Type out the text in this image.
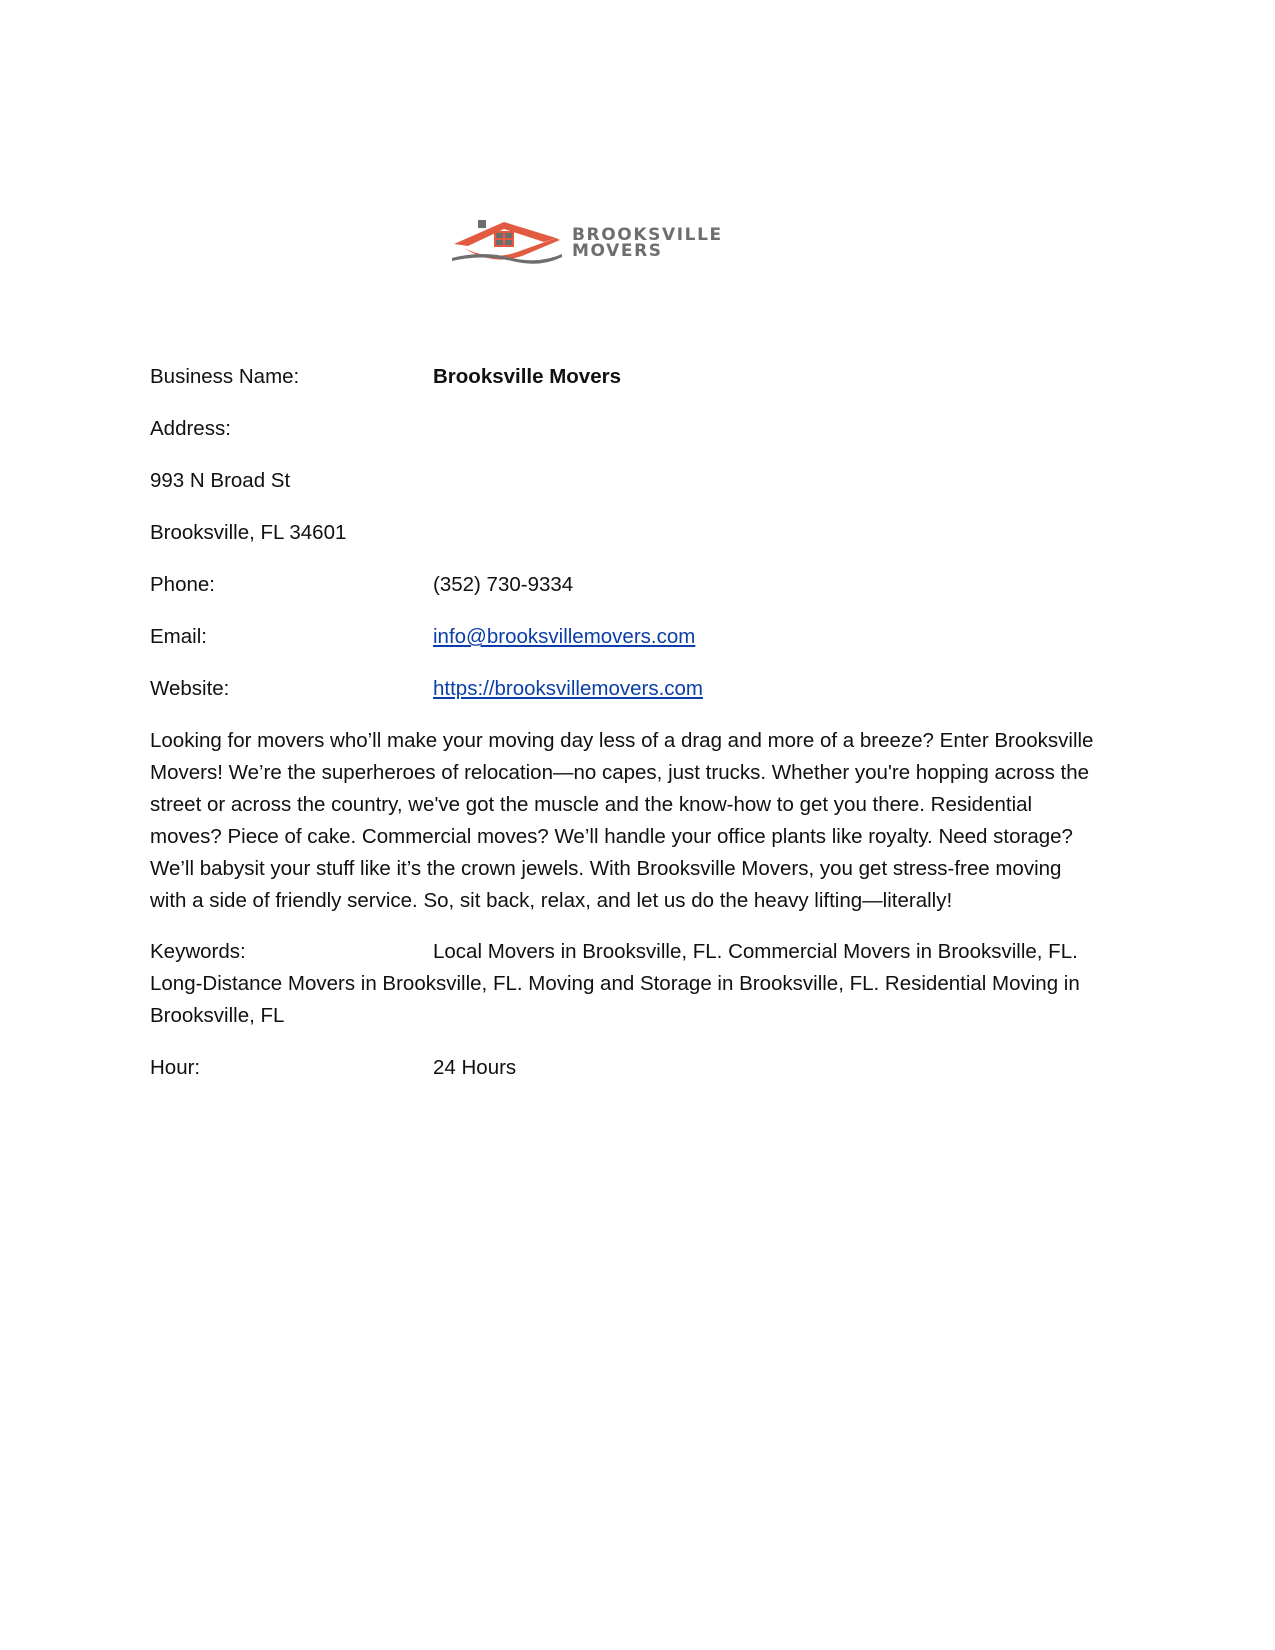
BROOKSVILLE
MOVERS
Business Name:	Brooksville Movers
Address:
993 N Broad St
Brooksville, FL 34601
Phone:	(352) 730-9334
Email:	info@brooksvillemovers.com
Website:	https://brooksvillemovers.com
Looking for movers who’ll make your moving day less of a drag and more of a breeze? Enter Brooksville
Movers! We’re the superheroes of relocation—no capes, just trucks. Whether you're hopping across the
street or across the country, we've got the muscle and the know-how to get you there. Residential
moves? Piece of cake. Commercial moves? We’ll handle your office plants like royalty. Need storage?
We’ll babysit your stuff like it’s the crown jewels. With Brooksville Movers, you get stress-free moving
with a side of friendly service. So, sit back, relax, and let us do the heavy lifting—literally!
Keywords:	Local Movers in Brooksville, FL. Commercial Movers in Brooksville, FL.
Long-Distance Movers in Brooksville, FL. Moving and Storage in Brooksville, FL. Residential Moving in
Brooksville, FL
Hour:	24 Hours
